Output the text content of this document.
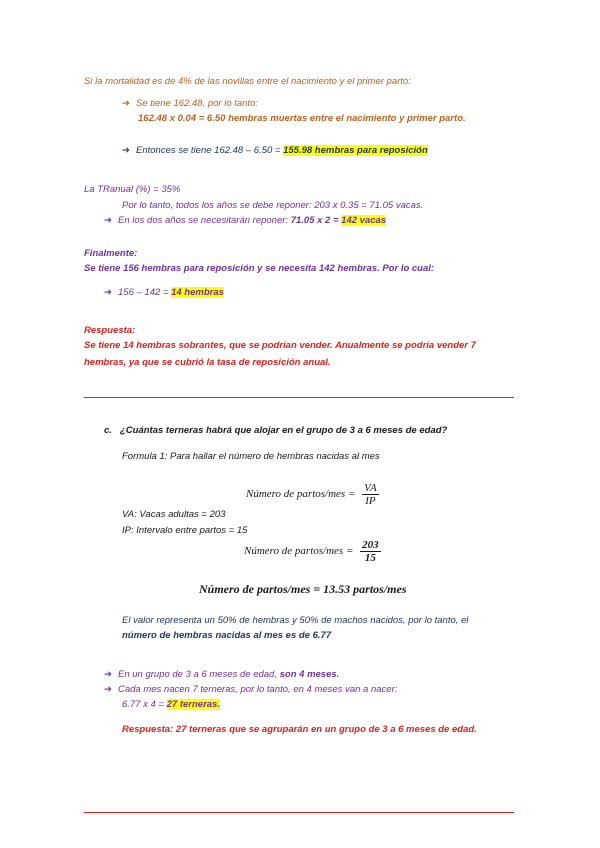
Si la mortalidad es de 4% de las novillas entre el nacimiento y el primer parto:
➔ Se tiene 162.48, por lo tanto:
162.48 x 0.04 = 6.50 hembras muertas entre el nacimiento y primer parto.
➔ Entonces se tiene 162.48 – 6.50 = 155.98 hembras para reposición
La TRanual (%) = 35%
Por lo tanto, todos los años se debe reponer: 203 x 0.35 = 71.05 vacas.
➔ En los dos años se necesitarán reponer: 71.05 x 2 = 142 vacas
Finalmente:
Se tiene 156 hembras para reposición y se necesita 142 hembras. Por lo cual:
➔ 156 – 142 = 14 hembras
Respuesta:
Se tiene 14 hembras sobrantes, que se podrían vender. Anualmente se podría vender 7
hembras, ya que se cubrió la tasa de reposición anual.
c. ¿Cuántas terneras habrá que alojar en el grupo de 3 a 6 meses de edad?
Formula 1: Para hallar el número de hembras nacidas al mes
Número de partos/mes = $\frac{VA}{IP}$
VA: Vacas adultas = 203
IP: Intervalo entre partos = 15
Número de partos/mes = $\frac{203}{15}$
Número de partos/mes = 13.53 partos/mes
El valor representa un 50% de hembras y 50% de machos nacidos, por lo tanto, el
número de hembras nacidas al mes es de 6.77
➔ En un grupo de 3 a 6 meses de edad, son 4 meses.
➔ Cada mes nacen 7 terneras, por lo tanto, en 4 meses van a nacer:
6.77 x 4 = 27 terneras.
Respuesta: 27 terneras que se agruparán en un grupo de 3 a 6 meses de edad.
